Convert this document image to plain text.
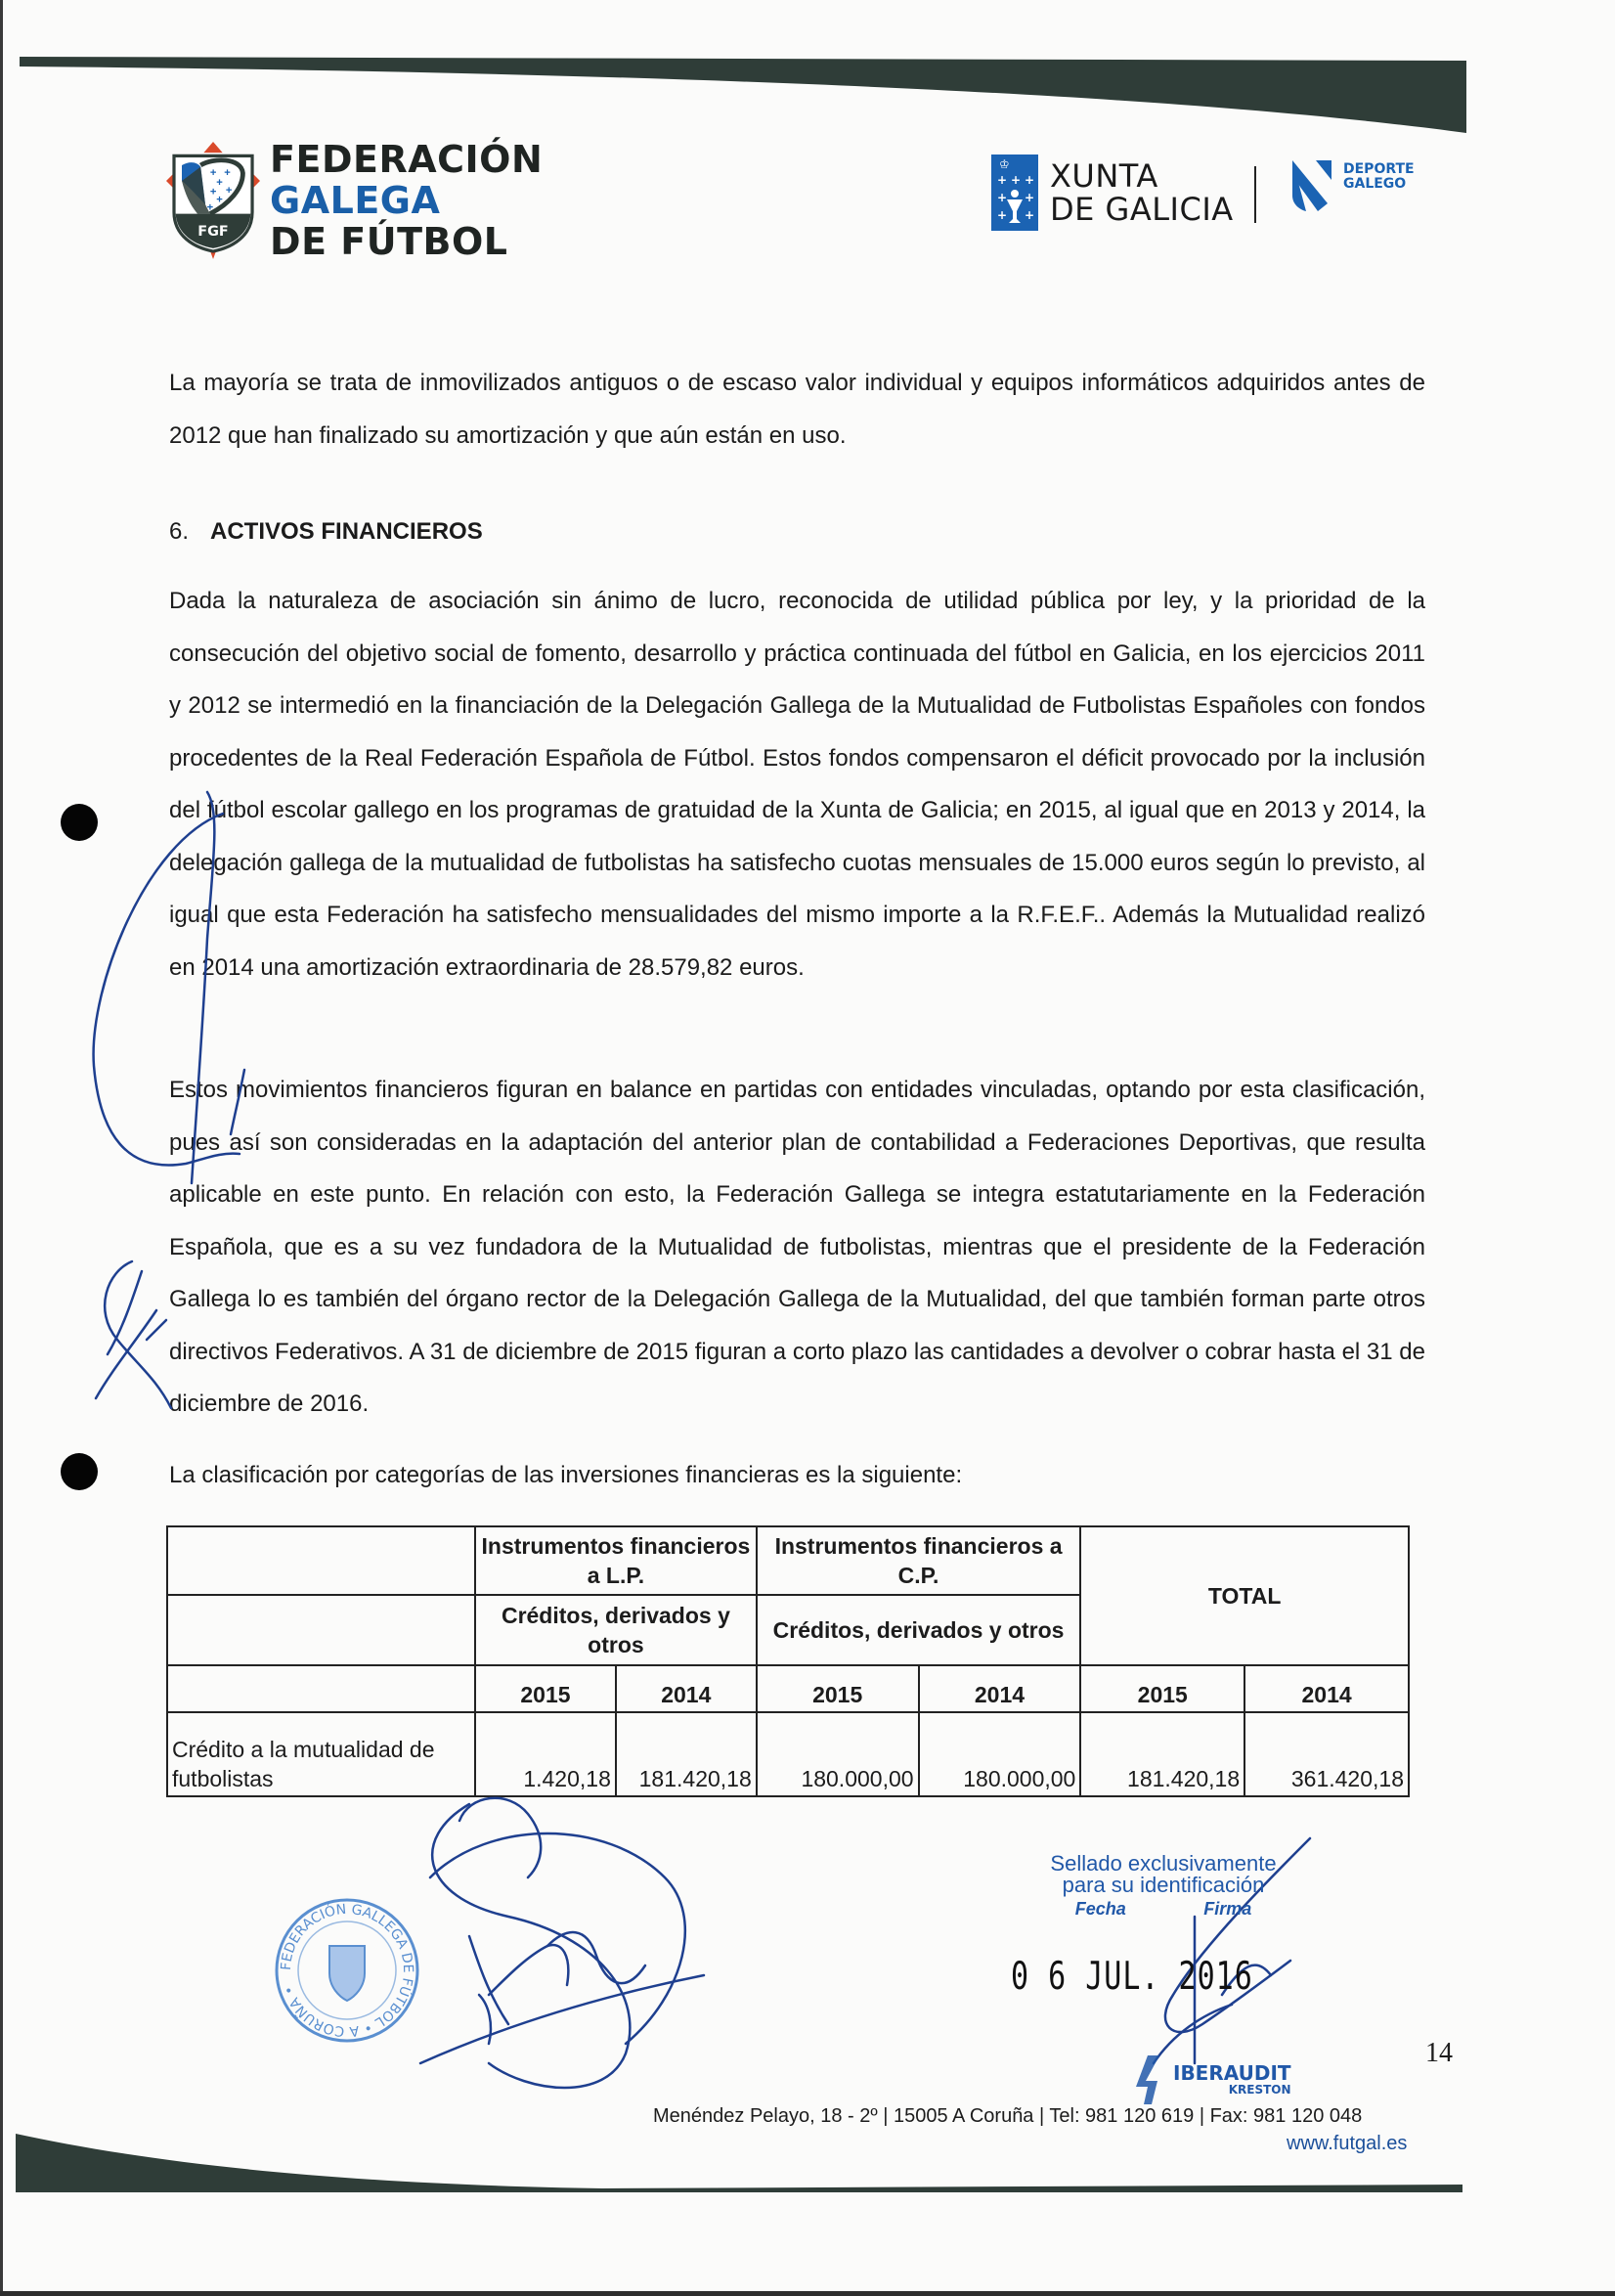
+ +
+
+ +
+
+
FGF
FEDERACIÓN GALEGA
DE FÚTBOL
♔
+ + +
+ +
+ +
XUNTA
DE GALICIA
DEPORTE
GALEGO

La mayoría se trata de inmovilizados antiguos o de escaso valor individual y equipos informáticos adquiridos antes de 2012 que han finalizado su amortización y que aún están en uso.

6. ACTIVOS FINANCIEROS

Dada la naturaleza de asociación sin ánimo de lucro, reconocida de utilidad pública por ley, y la prioridad de la consecución del objetivo social de fomento, desarrollo y práctica continuada del fútbol en Galicia, en los ejercicios 2011 y 2012 se intermedió en la financiación de la Delegación Gallega de la Mutualidad de Futbolistas Españoles con fondos procedentes de la Real Federación Española de Fútbol. Estos fondos compensaron el déficit provocado por la inclusión del fútbol escolar gallego en los programas de gratuidad de la Xunta de Galicia; en 2015, al igual que en 2013 y 2014, la delegación gallega de la mutualidad de futbolistas ha satisfecho cuotas mensuales de 15.000 euros según lo previsto, al igual que esta Federación ha satisfecho mensualidades del mismo importe a la R.F.E.F.. Además la Mutualidad realizó en 2014 una amortización extraordinaria de 28.579,82 euros.

Estos movimientos financieros figuran en balance en partidas con entidades vinculadas, optando por esta clasificación, pues así son consideradas en la adaptación del anterior plan de contabilidad a Federaciones Deportivas, que resulta aplicable en este punto. En relación con esto, la Federación Gallega se integra estatutariamente en la Federación Española, que es a su vez fundadora de la Mutualidad de futbolistas, mientras que el presidente de la Federación Gallega lo es también del órgano rector de la Delegación Gallega de la Mutualidad, del que también forman parte otros directivos Federativos. A 31 de diciembre de 2015 figuran a corto plazo las cantidades a devolver o cobrar hasta el 31 de diciembre de 2016.

La clasificación por categorías de las inversiones financieras es la siguiente:

	Instrumentos financieros a L.P.		Instrumentos financieros a C.P.		TOTAL	
	Créditos, derivados y otros		Créditos, derivados y otros			
	2015	2014	2015	2014	2015	2014
Crédito a la mutualidad de futbolistas	1.420,18	181.420,18	180.000,00	180.000,00	181.420,18	361.420,18
FEDERACIÓN GALLEGA DE FÚTBOL • A CORUÑA •
Sellado exclusivamente
para su identificación
Fecha	Firma
0 6 JUL. 2016
IBERAUDIT
KRESTON
14
Menéndez Pelayo, 18 - 2º | 15005 A Coruña | Tel: 981 120 619 | Fax: 981 120 048
www.futgal.es
